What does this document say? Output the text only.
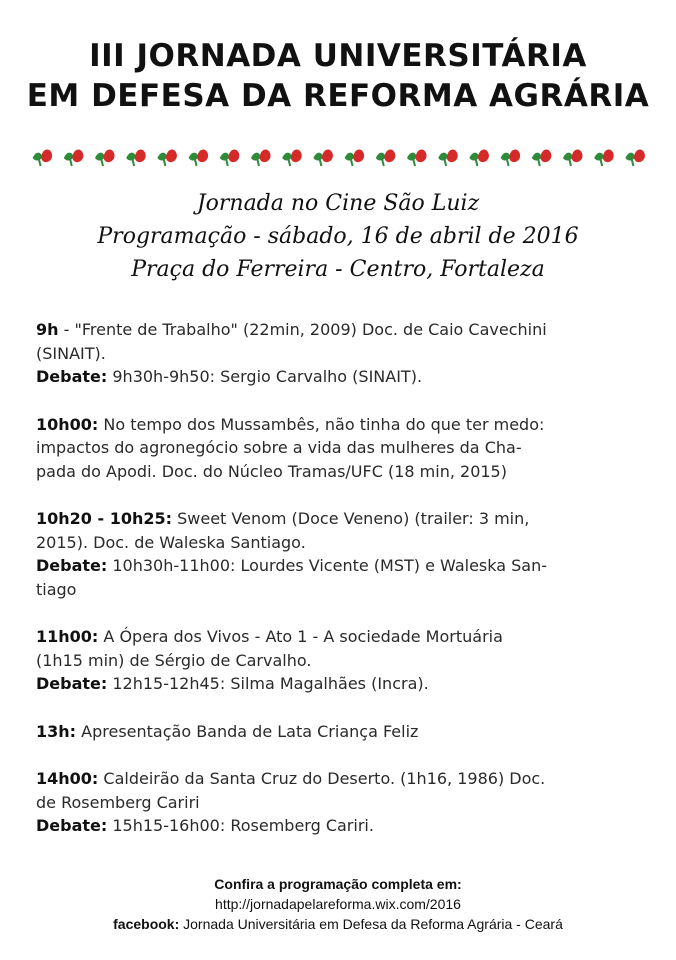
III JORNADA UNIVERSITÁRIA
EM DEFESA DA REFORMA AGRÁRIA
Jornada no Cine São Luiz
Programação - sábado, 16 de abril de 2016
Praça do Ferreira - Centro, Fortaleza
9h - "Frente de Trabalho" (22min, 2009) Doc. de Caio Cavechini
(SINAIT).
Debate: 9h30h-9h50: Sergio Carvalho (SINAIT).
10h00: No tempo dos Mussambês, não tinha do que ter medo:
impactos do agronegócio sobre a vida das mulheres da Cha-
pada do Apodi. Doc. do Núcleo Tramas/UFC (18 min, 2015)
10h20 - 10h25: Sweet Venom (Doce Veneno) (trailer: 3 min,
2015). Doc. de Waleska Santiago.
Debate: 10h30h-11h00: Lourdes Vicente (MST) e Waleska San-
tiago
11h00: A Ópera dos Vivos - Ato 1 - A sociedade Mortuária
(1h15 min) de Sérgio de Carvalho.
Debate: 12h15-12h45: Silma Magalhães (Incra).
13h: Apresentação Banda de Lata Criança Feliz
14h00: Caldeirão da Santa Cruz do Deserto. (1h16, 1986) Doc.
de Rosemberg Cariri
Debate: 15h15-16h00: Rosemberg Cariri.
Confira a programação completa em:
http://jornadapelareforma.wix.com/2016
facebook: Jornada Universitária em Defesa da Reforma Agrária - Ceará
